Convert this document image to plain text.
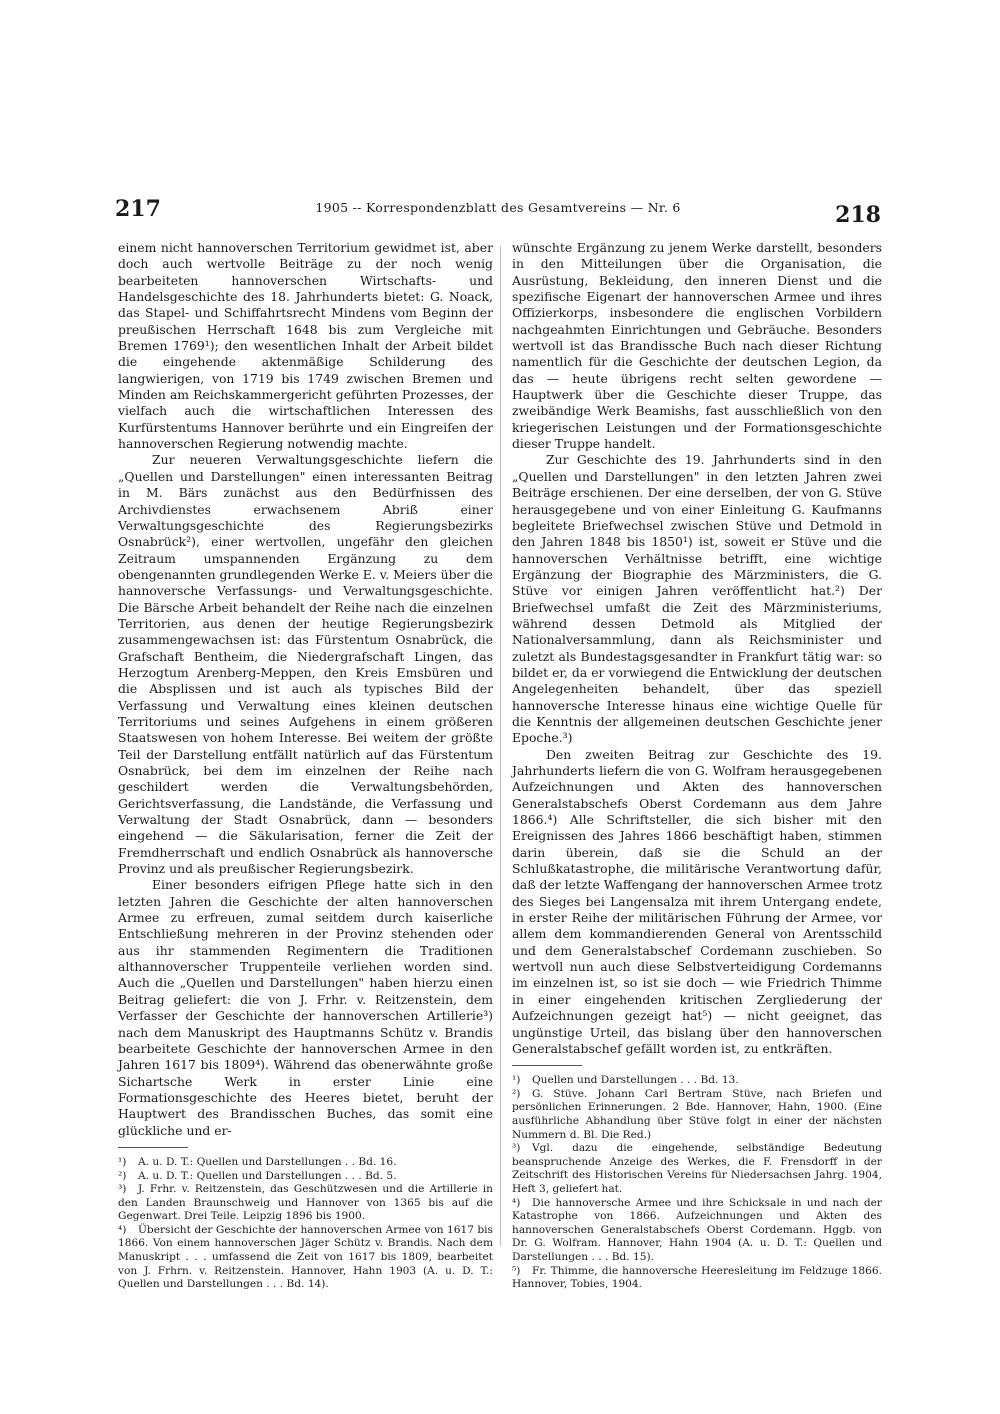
217	1905 -- Korrespondenzblatt des Gesamtvereins — Nr. 6	218

einem nicht hannoverschen Territorium gewidmet ist, aber doch auch wertvolle Beiträge zu der noch wenig bearbeiteten hannoverschen Wirtschafts- und Handelsgeschichte des 18. Jahrhunderts bietet: G. Noack, das Stapel- und Schiffahrtsrecht Mindens vom Beginn der preußischen Herrschaft 1648 bis zum Vergleiche mit Bremen 1769¹); den wesentlichen Inhalt der Arbeit bildet die eingehende aktenmäßige Schilderung des langwierigen, von 1719 bis 1749 zwischen Bremen und Minden am Reichskammergericht geführten Prozesses, der vielfach auch die wirtschaftlichen Interessen des Kurfürstentums Hannover berührte und ein Eingreifen der hannoverschen Regierung notwendig machte.

Zur neueren Verwaltungsgeschichte liefern die „Quellen und Darstellungen" einen interessanten Beitrag in M. Bärs zunächst aus den Bedürfnissen des Archivdienstes erwachsenem Abriß einer Verwaltungsgeschichte des Regierungsbezirks Osnabrück²), einer wertvollen, ungefähr den gleichen Zeitraum umspannenden Ergänzung zu dem obengenannten grundlegenden Werke E. v. Meiers über die hannoversche Verfassungs- und Verwaltungsgeschichte. Die Bärsche Arbeit behandelt der Reihe nach die einzelnen Territorien, aus denen der heutige Regierungsbezirk zusammengewachsen ist: das Fürstentum Osnabrück, die Grafschaft Bentheim, die Niedergrafschaft Lingen, das Herzogtum Arenberg-Meppen, den Kreis Emsbüren und die Absplissen und ist auch als typisches Bild der Verfassung und Verwaltung eines kleinen deutschen Territoriums und seines Aufgehens in einem größeren Staatswesen von hohem Interesse. Bei weitem der größte Teil der Darstellung entfällt natürlich auf das Fürstentum Osnabrück, bei dem im einzelnen der Reihe nach geschildert werden die Verwaltungsbehörden, Gerichtsverfassung, die Landstände, die Verfassung und Verwaltung der Stadt Osnabrück, dann — besonders eingehend — die Säkularisation, ferner die Zeit der Fremdherrschaft und endlich Osnabrück als hannoversche Provinz und als preußischer Regierungsbezirk.

Einer besonders eifrigen Pflege hatte sich in den letzten Jahren die Geschichte der alten hannoverschen Armee zu erfreuen, zumal seitdem durch kaiserliche Entschließung mehreren in der Provinz stehenden oder aus ihr stammenden Regimentern die Traditionen althannoverscher Truppenteile verliehen worden sind. Auch die „Quellen und Darstellungen" haben hierzu einen Beitrag geliefert: die von J. Frhr. v. Reitzenstein, dem Verfasser der Geschichte der hannoverschen Artillerie³) nach dem Manuskript des Hauptmanns Schütz v. Brandis bearbeitete Geschichte der hannoverschen Armee in den Jahren 1617 bis 1809⁴). Während das obenerwähnte große Sichartsche Werk in erster Linie eine Formationsgeschichte des Heeres bietet, beruht der Hauptwert des Brandisschen Buches, das somit eine glückliche und er-

¹) A. u. D. T.: Quellen und Darstellungen . . Bd. 16.

²) A. u. D. T.: Quellen und Darstellungen . . . Bd. 5.

³) J. Frhr. v. Reitzenstein, das Geschützwesen und die Artillerie in den Landen Braunschweig und Hannover von 1365 bis auf die Gegenwart. Drei Teile. Leipzig 1896 bis 1900.

⁴) Übersicht der Geschichte der hannoverschen Armee von 1617 bis 1866. Von einem hannoverschen Jäger Schütz v. Brandis. Nach dem Manuskript . . . umfassend die Zeit von 1617 bis 1809, bearbeitet von J. Frhrn. v. Reitzenstein. Hannover, Hahn 1903 (A. u. D. T.: Quellen und Darstellungen . . . Bd. 14).

wünschte Ergänzung zu jenem Werke darstellt, besonders in den Mitteilungen über die Organisation, die Ausrüstung, Bekleidung, den inneren Dienst und die spezifische Eigenart der hannoverschen Armee und ihres Offizierkorps, insbesondere die englischen Vorbildern nachgeahmten Einrichtungen und Gebräuche. Besonders wertvoll ist das Brandissche Buch nach dieser Richtung namentlich für die Geschichte der deutschen Legion, da das — heute übrigens recht selten gewordene — Hauptwerk über die Geschichte dieser Truppe, das zweibändige Werk Beamishs, fast ausschließlich von den kriegerischen Leistungen und der Formationsgeschichte dieser Truppe handelt.

Zur Geschichte des 19. Jahrhunderts sind in den „Quellen und Darstellungen" in den letzten Jahren zwei Beiträge erschienen. Der eine derselben, der von G. Stüve herausgegebene und von einer Einleitung G. Kaufmanns begleitete Briefwechsel zwischen Stüve und Detmold in den Jahren 1848 bis 1850¹) ist, soweit er Stüve und die hannoverschen Verhältnisse betrifft, eine wichtige Ergänzung der Biographie des Märzministers, die G. Stüve vor einigen Jahren veröffentlicht hat.²) Der Briefwechsel umfaßt die Zeit des Märzministeriums, während dessen Detmold als Mitglied der Nationalversammlung, dann als Reichsminister und zuletzt als Bundestagsgesandter in Frankfurt tätig war: so bildet er, da er vorwiegend die Entwicklung der deutschen Angelegenheiten behandelt, über das speziell hannoversche Interesse hinaus eine wichtige Quelle für die Kenntnis der allgemeinen deutschen Geschichte jener Epoche.³)

Den zweiten Beitrag zur Geschichte des 19. Jahrhunderts liefern die von G. Wolfram herausgegebenen Aufzeichnungen und Akten des hannoverschen Generalstabschefs Oberst Cordemann aus dem Jahre 1866.⁴) Alle Schriftsteller, die sich bisher mit den Ereignissen des Jahres 1866 beschäftigt haben, stimmen darin überein, daß sie die Schuld an der Schlußkatastrophe, die militärische Verantwortung dafür, daß der letzte Waffengang der hannoverschen Armee trotz des Sieges bei Langensalza mit ihrem Untergang endete, in erster Reihe der militärischen Führung der Armee, vor allem dem kommandierenden General von Arentsschild und dem Generalstabschef Cordemann zuschieben. So wertvoll nun auch diese Selbstverteidigung Cordemanns im einzelnen ist, so ist sie doch — wie Friedrich Thimme in einer eingehenden kritischen Zergliederung der Aufzeichnungen gezeigt hat⁵) — nicht geeignet, das ungünstige Urteil, das bislang über den hannoverschen Generalstabschef gefällt worden ist, zu entkräften.

¹) Quellen und Darstellungen . . . Bd. 13.

²) G. Stüve. Johann Carl Bertram Stüve, nach Briefen und persönlichen Erinnerungen. 2 Bde. Hannover, Hahn, 1900. (Eine ausführliche Abhandlung über Stüve folgt in einer der nächsten Nummern d. Bl. Die Red.)

³) Vgl. dazu die eingehende, selbständige Bedeutung beanspruchende Anzeige des Werkes, die F. Frensdorff in der Zeitschrift des Historischen Vereins für Niedersachsen Jahrg. 1904, Heft 3, geliefert hat.

⁴) Die hannoversche Armee und ihre Schicksale in und nach der Katastrophe von 1866. Aufzeichnungen und Akten des hannoverschen Generalstabschefs Oberst Cordemann. Hggb. von Dr. G. Wolfram. Hannover, Hahn 1904 (A. u. D. T.: Quellen und Darstellungen . . . Bd. 15).

⁵) Fr. Thimme, die hannoversche Heeresleitung im Feldzuge 1866. Hannover, Tobies, 1904.
